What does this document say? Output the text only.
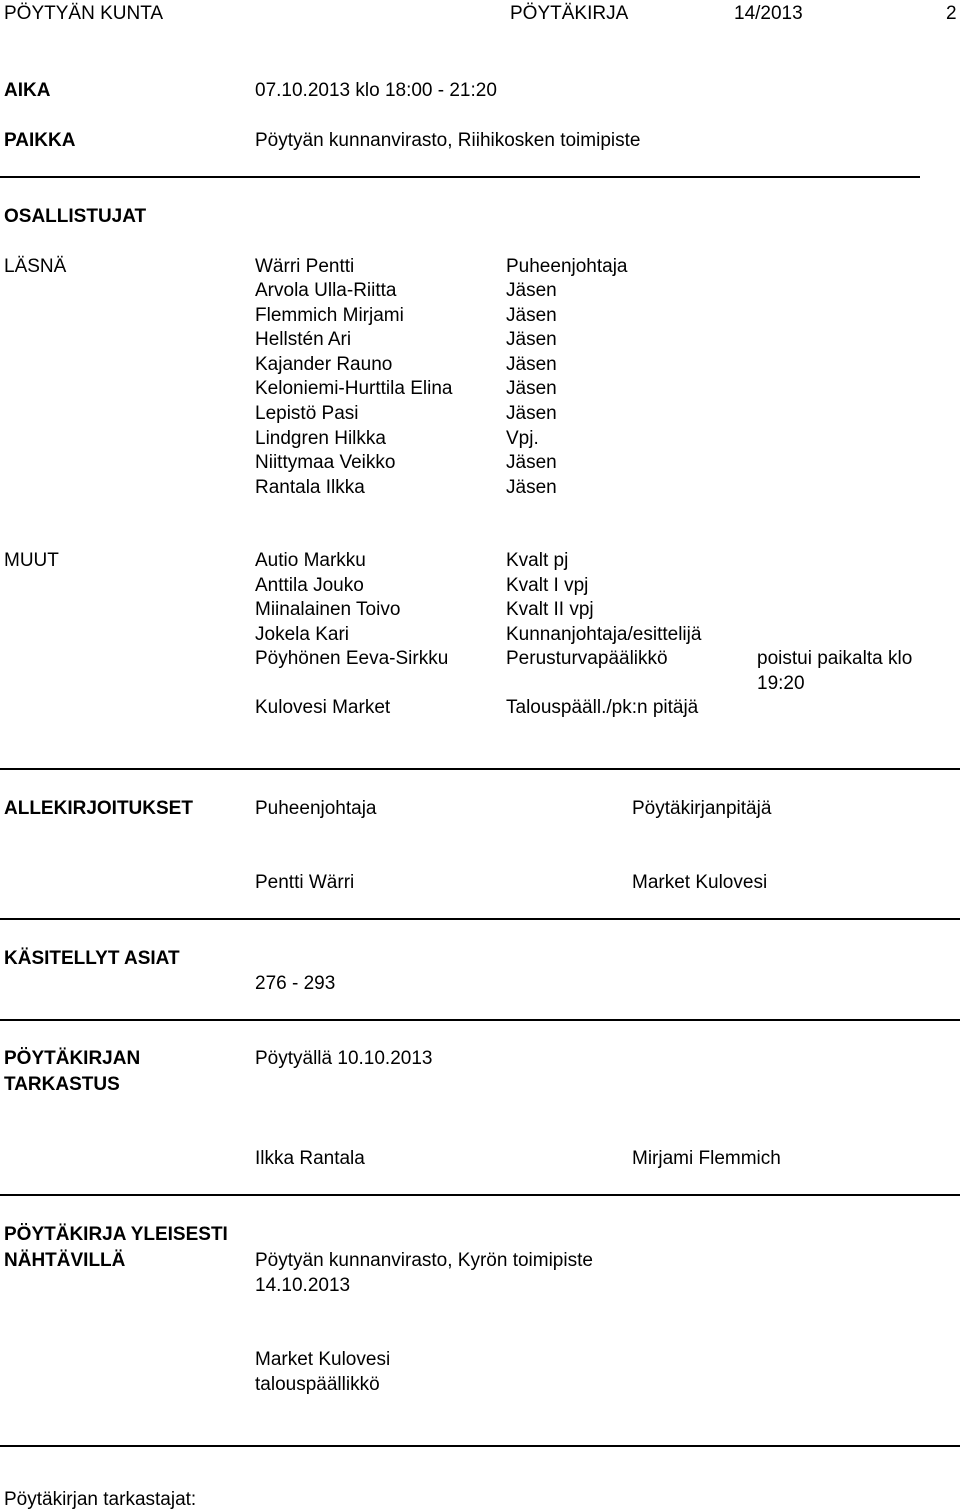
PÖYTYÄN KUNTA	PÖYTÄKIRJA	14/2013	2
AIKA	07.10.2013 klo 18:00 - 21:20
PAIKKA	Pöytyän kunnanvirasto, Riihikosken toimipiste
OSALLISTUJAT
LÄSNÄ	Wärri Pentti	Puheenjohtaja
Arvola Ulla-Riitta	Jäsen
Flemmich Mirjami	Jäsen
Hellstén Ari	Jäsen
Kajander Rauno	Jäsen
Keloniemi-Hurttila Elina	Jäsen
Lepistö Pasi	Jäsen
Lindgren Hilkka	Vpj.
Niittymaa Veikko	Jäsen
Rantala Ilkka	Jäsen
MUUT	Autio Markku	Kvalt pj
Anttila Jouko	Kvalt I vpj
Miinalainen Toivo	Kvalt II vpj
Jokela Kari	Kunnanjohtaja/esittelijä
Pöyhönen Eeva-Sirkku	Perusturvapäälikkö	poistui paikalta klo
19:20
Kulovesi Market	Talouspääll./pk:n pitäjä
ALLEKIRJOITUKSET	Puheenjohtaja	Pöytäkirjanpitäjä
Pentti Wärri	Market Kulovesi
KÄSITELLYT ASIAT
276 - 293
PÖYTÄKIRJAN
TARKASTUS
Pöytyällä 10.10.2013
Ilkka Rantala	Mirjami Flemmich
PÖYTÄKIRJA YLEISESTI
NÄHTÄVILLÄ	Pöytyän kunnanvirasto, Kyrön toimipiste
14.10.2013
Market Kulovesi
talouspäällikkö
Pöytäkirjan tarkastajat:
